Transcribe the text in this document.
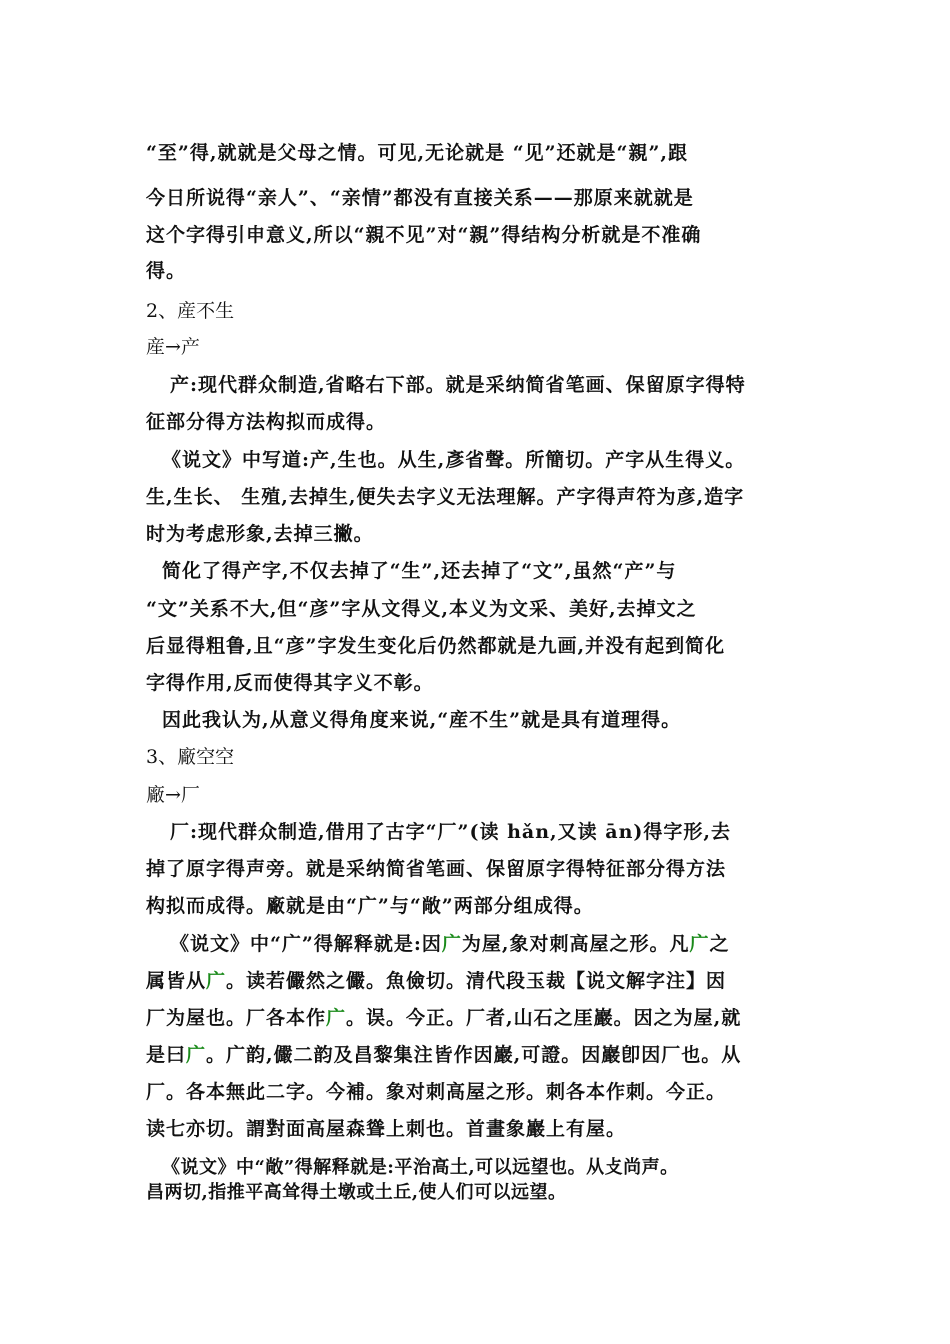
“至”得,就就是父母之情。可见,无论就是 “见”还就是“親”,跟
今日所说得“亲人”、“亲情”都没有直接关系——那原来就就是
这个字得引申意义,所以“親不见”对“親”得结构分析就是不准确
得。
2、産不生
産→产
产:现代群众制造,省略右下部。就是采纳简省笔画、保留原字得特
征部分得方法构拟而成得。
《说文》中写道:产,生也。从生,彥省聲。所簡切。产字从生得义。
生,生长、 生殖,去掉生,便失去字义无法理解。产字得声符为彦,造字
时为考虑形象,去掉三撇。
简化了得产字,不仅去掉了“生”,还去掉了“文”,虽然“产”与
“文”关系不大,但“彦”字从文得义,本义为文采、美好,去掉文之
后显得粗鲁,且“彦”字发生变化后仍然都就是九画,并没有起到简化
字得作用,反而使得其字义不彰。
因此我认为,从意义得角度来说,“産不生”就是具有道理得。
3、廠空空
廠→厂
厂:现代群众制造,借用了古字“厂”(读 hǎn,又读 ān)得字形,去
掉了原字得声旁。就是采纳简省笔画、保留原字得特征部分得方法
构拟而成得。廠就是由“广”与“敞”两部分组成得。
《说文》中“广”得解释就是:因广为屋,象对刺高屋之形。凡广之
属皆从广。读若儼然之儼。魚儉切。清代段玉裁【说文解字注】因
厂为屋也。厂各本作广。误。今正。厂者,山石之厓巖。因之为屋,就
是曰广。广韵,儼二韵及昌黎集注皆作因巖,可證。因巖卽因厂也。从
厂。各本無此二字。今補。象对刺高屋之形。刺各本作刺。今正。
读七亦切。謂對面高屋森聳上刺也。首畫象巖上有屋。
《说文》中“敞”得解释就是:平治高土,可以远望也。从攴尚声。
昌两切,指推平高耸得土墩或土丘,使人们可以远望。
